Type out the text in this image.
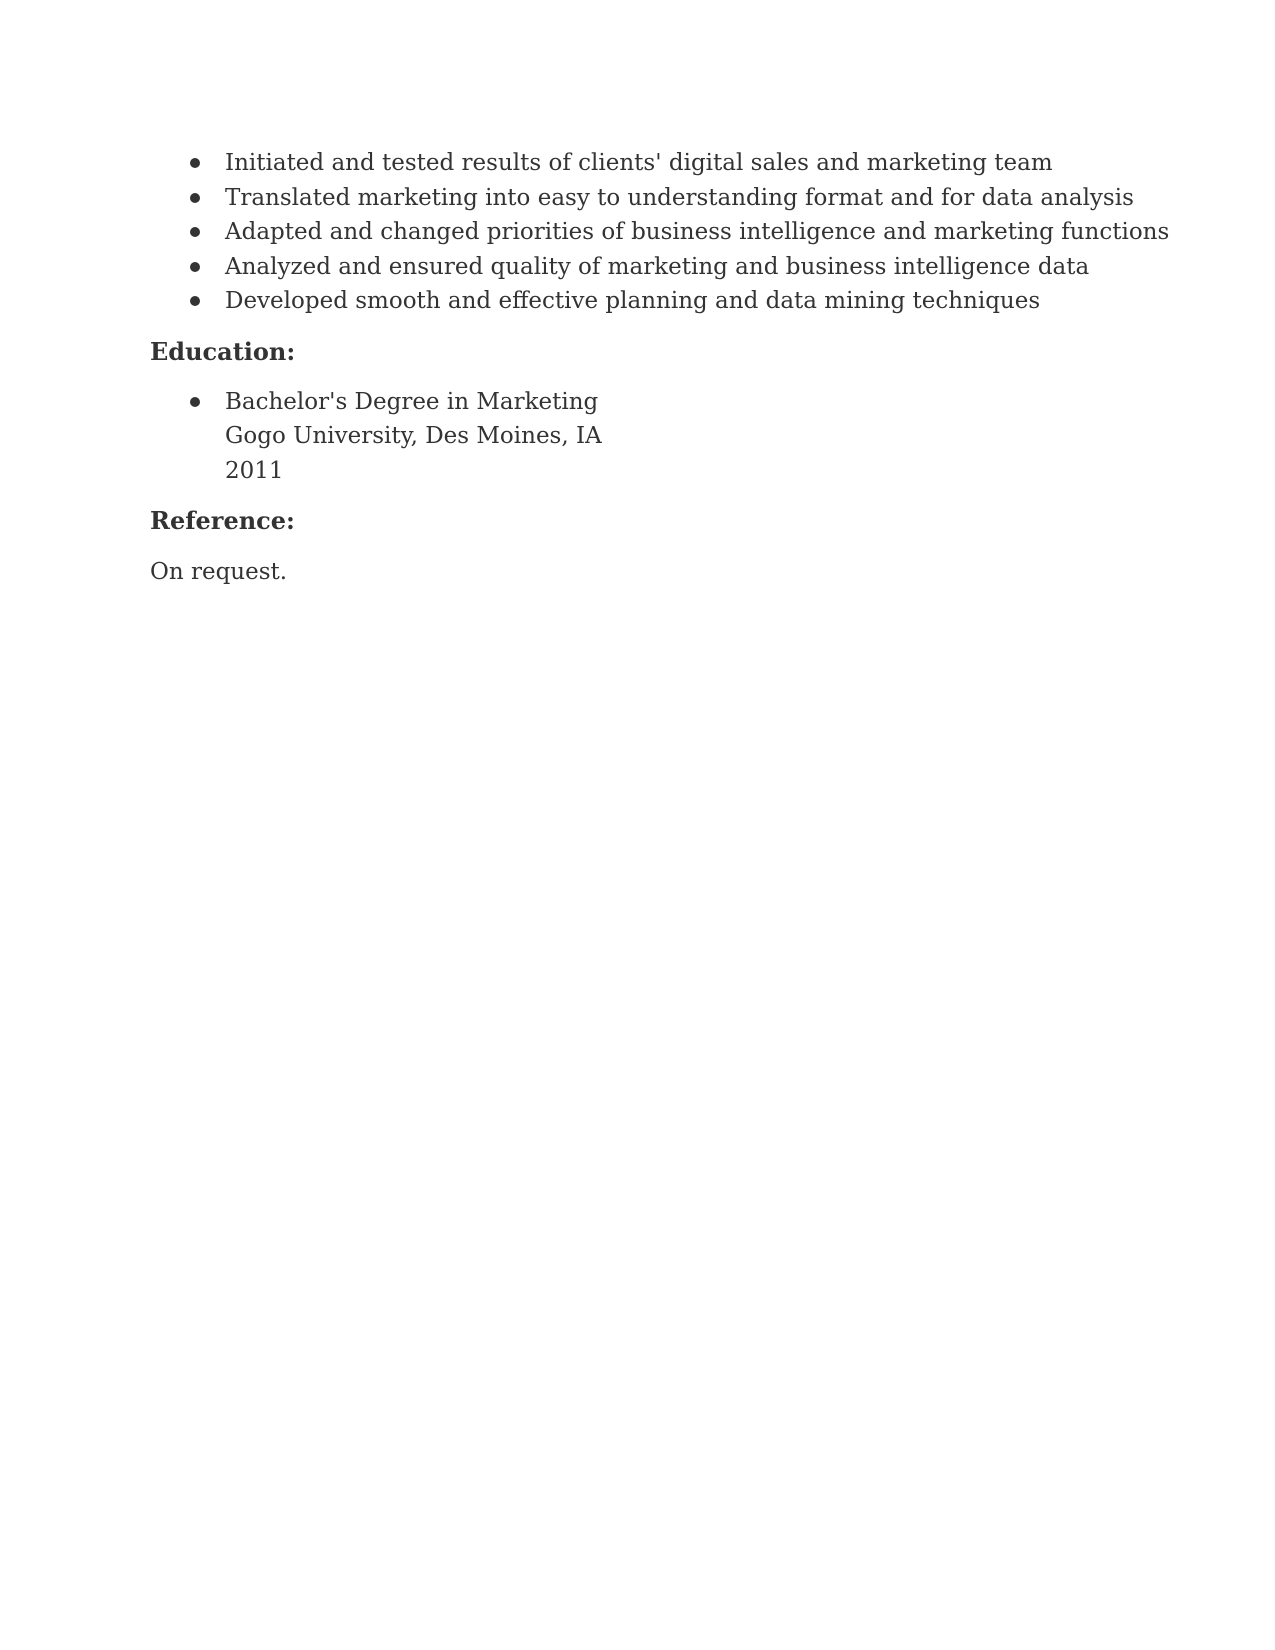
Initiated and tested results of clients' digital sales and marketing team
Translated marketing into easy to understanding format and for data analysis
Adapted and changed priorities of business intelligence and marketing functions
Analyzed and ensured quality of marketing and business intelligence data
Developed smooth and effective planning and data mining techniques
Education:
Bachelor's Degree in Marketing
Gogo University, Des Moines, IA
2011
Reference:

On request.
